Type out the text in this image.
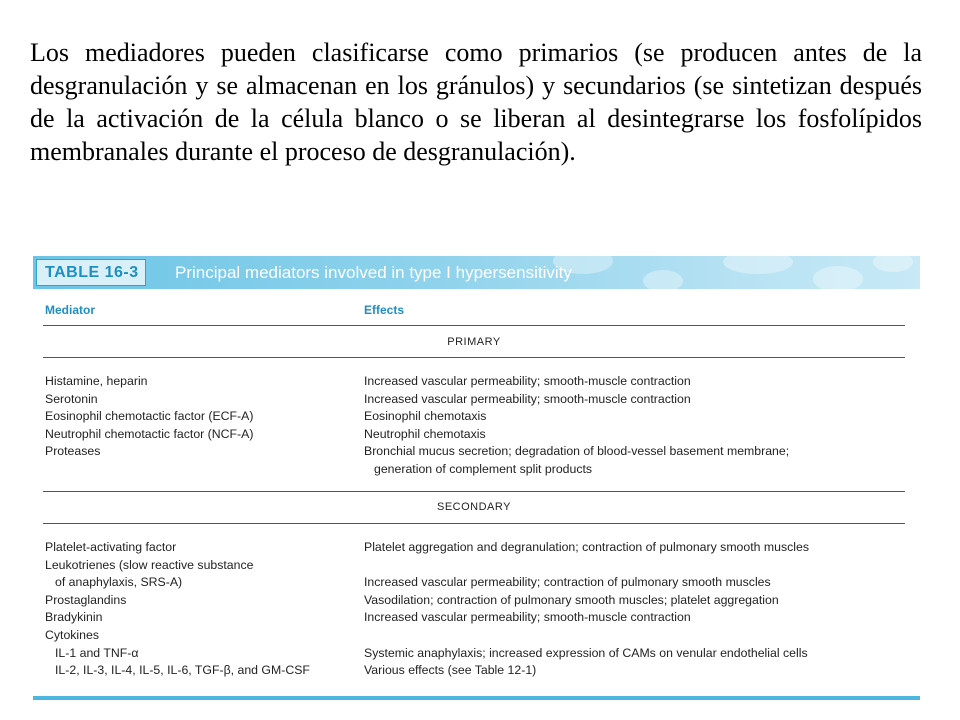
Los mediadores pueden clasificarse como primarios (se producen antes de la desgranulación y se almacenan en los gránulos) y secundarios (se sintetizan después de la activación de la célula blanco o se liberan al desintegrarse los fosfolípidos membranales durante el proceso de desgranulación).

TABLE 16-3	Principal mediators involved in type I hypersensitivity
Mediator	Effects
PRIMARY
Histamine, heparin	Increased vascular permeability; smooth-muscle contraction
Serotonin	Increased vascular permeability; smooth-muscle contraction
Eosinophil chemotactic factor (ECF-A)	Eosinophil chemotaxis
Neutrophil chemotactic factor (NCF-A)	Neutrophil chemotaxis
Proteases	Bronchial mucus secretion; degradation of blood-vessel basement membrane;
generation of complement split products
SECONDARY
Platelet-activating factor	Platelet aggregation and degranulation; contraction of pulmonary smooth muscles
Leukotrienes (slow reactive substance
of anaphylaxis, SRS-A)	Increased vascular permeability; contraction of pulmonary smooth muscles
Prostaglandins	Vasodilation; contraction of pulmonary smooth muscles; platelet aggregation
Bradykinin	Increased vascular permeability; smooth-muscle contraction
Cytokines
IL-1 and TNF-α	Systemic anaphylaxis; increased expression of CAMs on venular endothelial cells
IL-2, IL-3, IL-4, IL-5, IL-6, TGF-β, and GM-CSF	Various effects (see Table 12-1)
